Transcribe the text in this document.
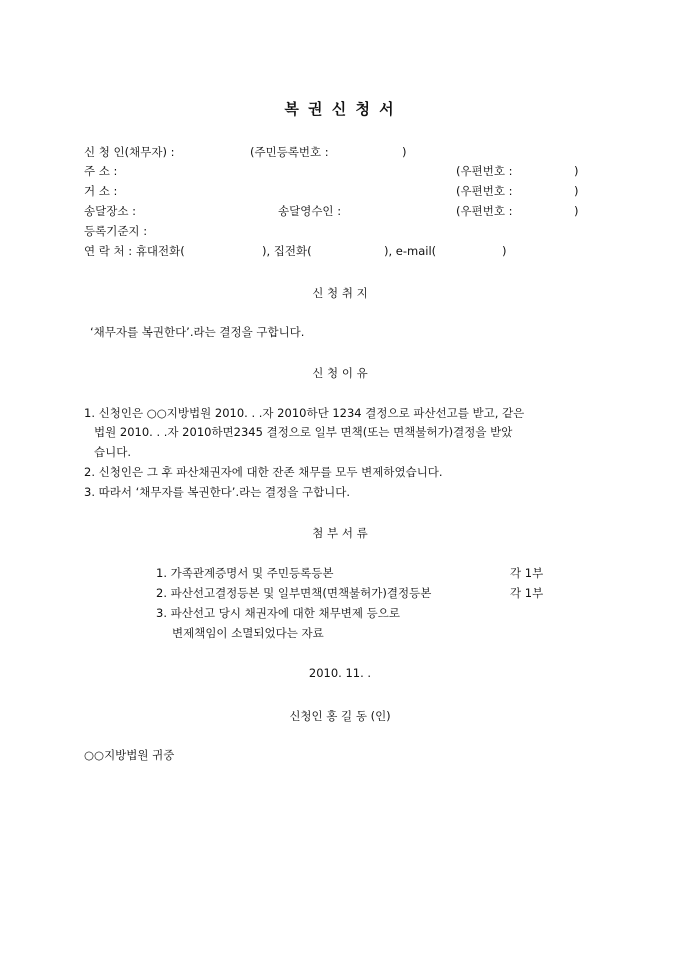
복 권 신 청 서
신 청 인(채무자) :	(주민등록번호 :	)
주 소 :	(우편번호 :	)
거 소 :	(우편번호 :	)
송달장소 :	송달영수인 :	(우편번호 :	)
등록기준지 :
연 락 처 : 휴대전화(	), 집전화(	), e-mail(	)
신 청 취 지
‘채무자를 복권한다’.라는 결정을 구합니다.
신 청 이 유
1. 신청인은 ○○지방법원 2010. . .자 2010하단 1234 결정으로 파산선고를 받고, 같은
법원 2010. . .자 2010하면2345 결정으로 일부 면책(또는 면책불허가)결정을 받았
습니다.
2. 신청인은 그 후 파산채권자에 대한 잔존 채무를 모두 변제하였습니다.
3. 따라서 ‘채무자를 복권한다’.라는 결정을 구합니다.
첨 부 서 류
1. 가족관계증명서 및 주민등록등본	각 1부
2. 파산선고결정등본 및 일부면책(면책불허가)결정등본	각 1부
3. 파산선고 당시 채권자에 대한 채무변제 등으로
변제책임이 소멸되었다는 자료
2010. 11. .
신청인 홍 길 동 (인)
○○지방법원 귀중
